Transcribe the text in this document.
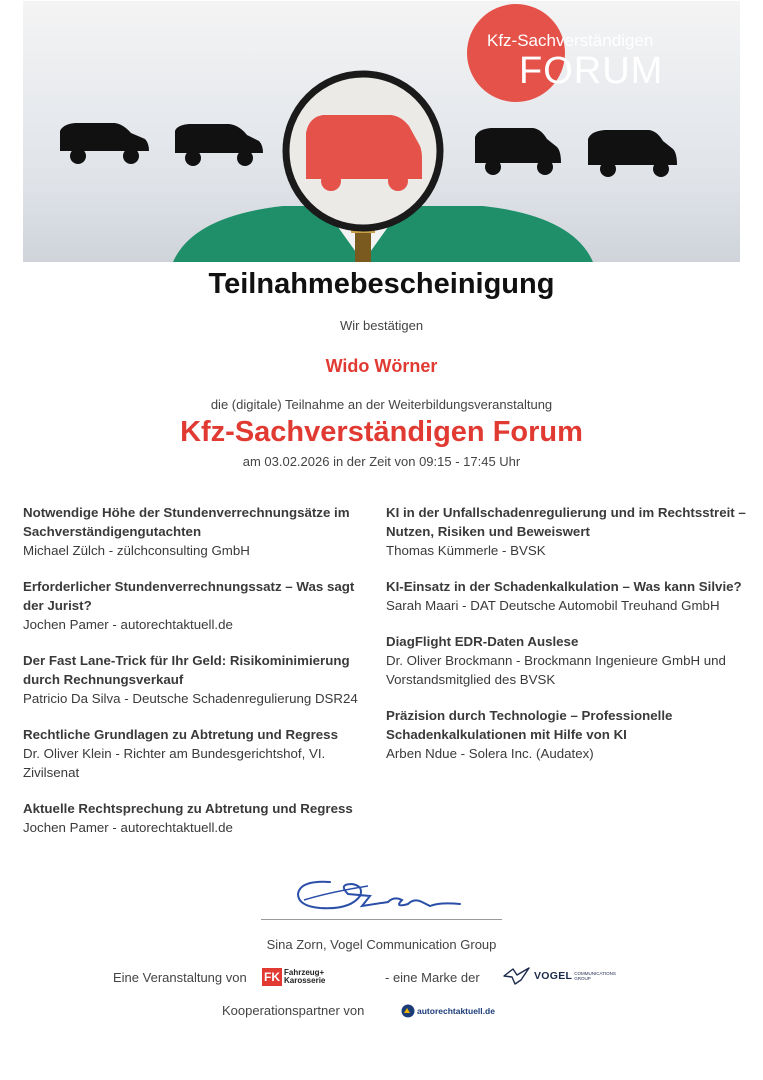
Kfz-Sachverständigen
FORUM
Teilnahmebescheinigung
Wir bestätigen
Wido Wörner
die (digitale) Teilnahme an der Weiterbildungsveranstaltung
Kfz-Sachverständigen Forum
am 03.02.2026 in der Zeit von 09:15 - 17:45 Uhr
Notwendige Höhe der Stundenverrechnungsätze im Sachverständigengutachten
Michael Zülch - zülchconsulting GmbH
Erforderlicher Stundenverrechnungssatz – Was sagt der Jurist?
Jochen Pamer - autorechtaktuell.de
Der Fast Lane-Trick für Ihr Geld: Risikominimierung durch Rechnungsverkauf
Patricio Da Silva - Deutsche Schadenregulierung DSR24
Rechtliche Grundlagen zu Abtretung und Regress
Dr. Oliver Klein - Richter am Bundesgerichtshof, VI. Zivilsenat
Aktuelle Rechtsprechung zu Abtretung und Regress
Jochen Pamer - autorechtaktuell.de
KI in der Unfallschadenregulierung und im Rechtsstreit – Nutzen, Risiken und Beweiswert
Thomas Kümmerle - BVSK
KI-Einsatz in der Schadenkalkulation – Was kann Silvie?
Sarah Maari - DAT Deutsche Automobil Treuhand GmbH
DiagFlight EDR-Daten Auslese
Dr. Oliver Brockmann - Brockmann Ingenieure GmbH und Vorstandsmitglied des BVSK
Präzision durch Technologie – Professionelle Schadenkalkulationen mit Hilfe von KI
Arben Ndue - Solera Inc. (Audatex)
Sina Zorn, Vogel Communication Group
Eine Veranstaltung von FK Fahrzeug+
Karosserie	- eine Marke der	VOGEL COMMUNICATIONS
GROUP
Kooperationspartner von	autorechtaktuell.de
